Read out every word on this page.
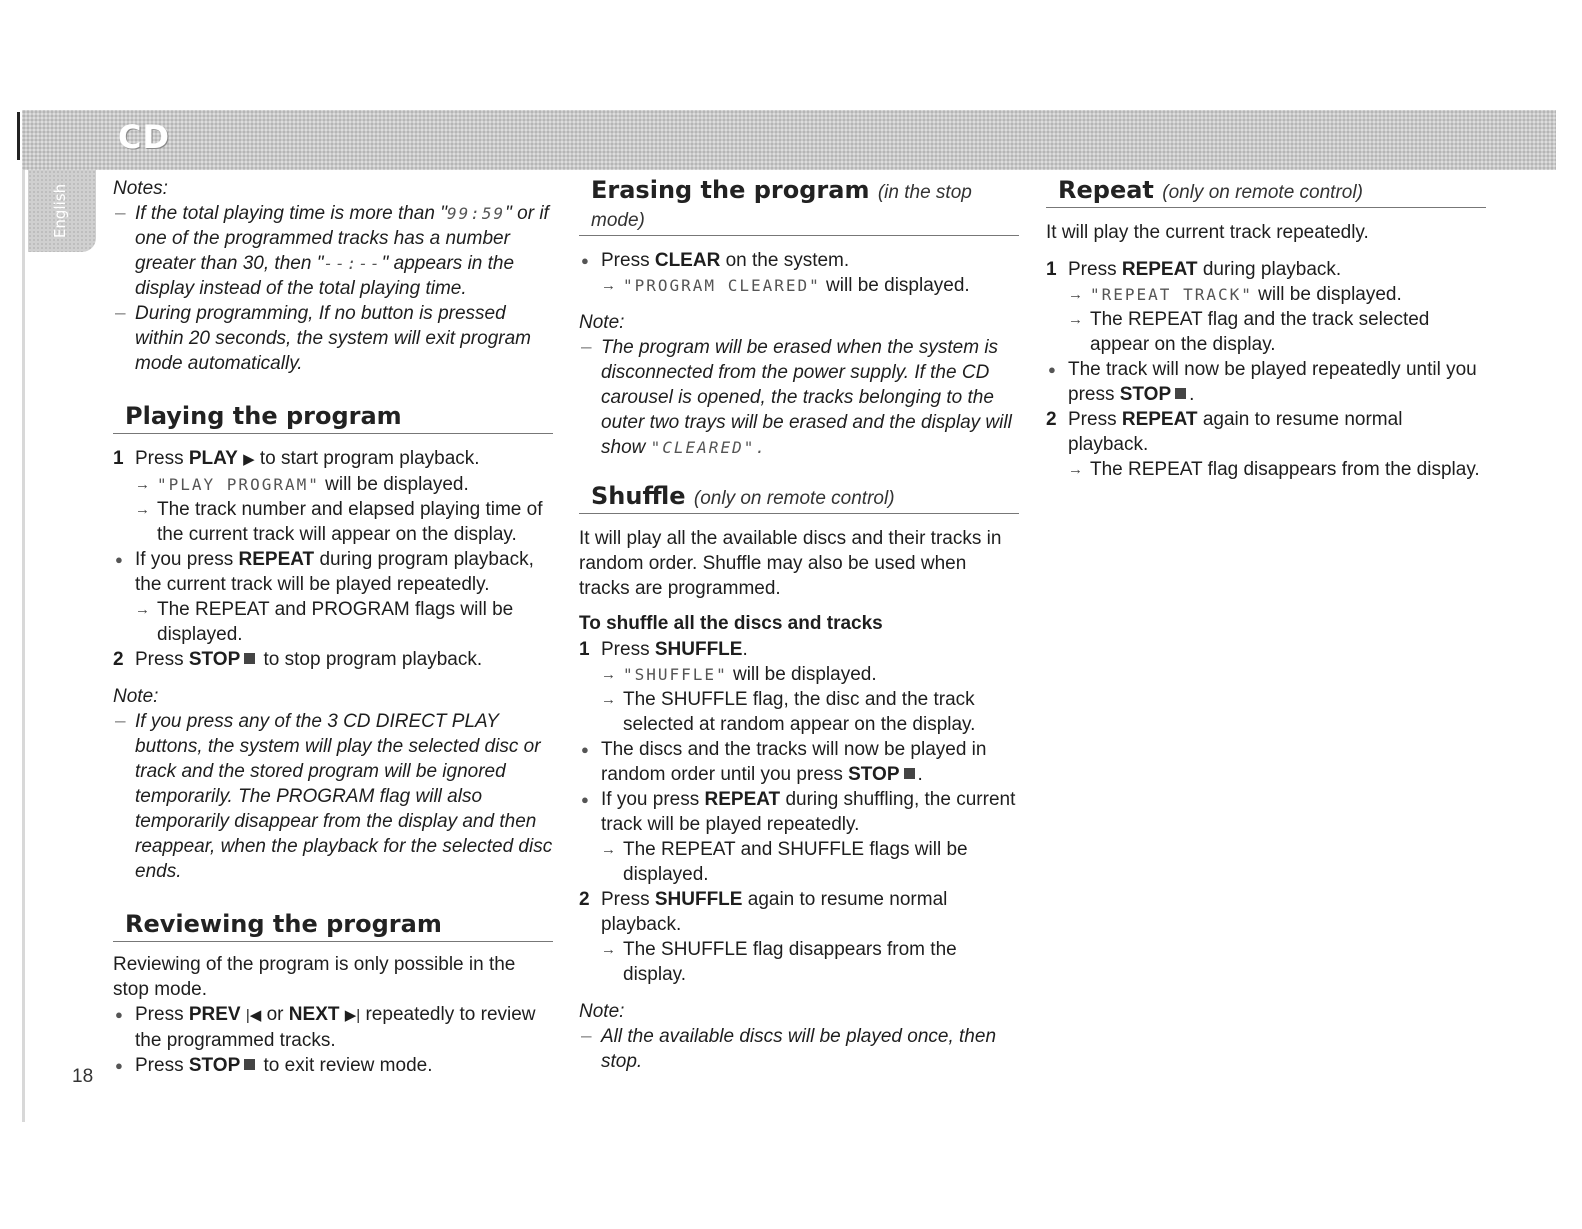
CD
English Notes:

– If the total playing time is more than "99:59" or if one of the programmed tracks has a number greater than 30, then "--:--" appears in the display instead of the total playing time.
– During programming, If no button is pressed within 20 seconds, the system will exit program mode automatically.
Playing the program
1 Press PLAY ▶ to start program playback.
→ "PLAY PROGRAM" will be displayed.
→ The track number and elapsed playing time of the current track will appear on the display.
● If you press REPEAT during program playback, the current track will be played repeatedly.
→ The REPEAT and PROGRAM flags will be displayed.
2 Press STOP to stop program playback.

Note:

– If you press any of the 3 CD DIRECT PLAY buttons, the system will play the selected disc or track and the stored program will be ignored temporarily. The PROGRAM flag will also temporarily disappear from the display and then reappear, when the playback for the selected disc ends.
Reviewing the program

Reviewing of the program is only possible in the stop mode.

● Press PREV |◀ or NEXT ▶| repeatedly to review the programmed tracks.
● Press STOP to exit review mode.
Erasing the program (in the stop mode)
● Press CLEAR on the system.
→ "PROGRAM CLEARED" will be displayed.

Note:

– The program will be erased when the system is disconnected from the power supply. If the CD carousel is opened, the tracks belonging to the outer two trays will be erased and the display will show "CLEARED".
Shuffle (only on remote control)

It will play all the available discs and their tracks in random order. Shuffle may also be used when tracks are programmed.

To shuffle all the discs and tracks

1 Press SHUFFLE.
→ "SHUFFLE" will be displayed.
→ The SHUFFLE flag, the disc and the track selected at random appear on the display.
● The discs and the tracks will now be played in random order until you press STOP .
● If you press REPEAT during shuffling, the current track will be played repeatedly.
→ The REPEAT and SHUFFLE flags will be displayed.
2 Press SHUFFLE again to resume normal playback.
→ The SHUFFLE flag disappears from the display.

Note:

– All the available discs will be played once, then stop.
Repeat (only on remote control)

It will play the current track repeatedly.

1 Press REPEAT during playback.
→ "REPEAT TRACK" will be displayed.
→ The REPEAT flag and the track selected appear on the display.
● The track will now be played repeatedly until you press STOP .
2 Press REPEAT again to resume normal playback.
→ The REPEAT flag disappears from the display.
18
